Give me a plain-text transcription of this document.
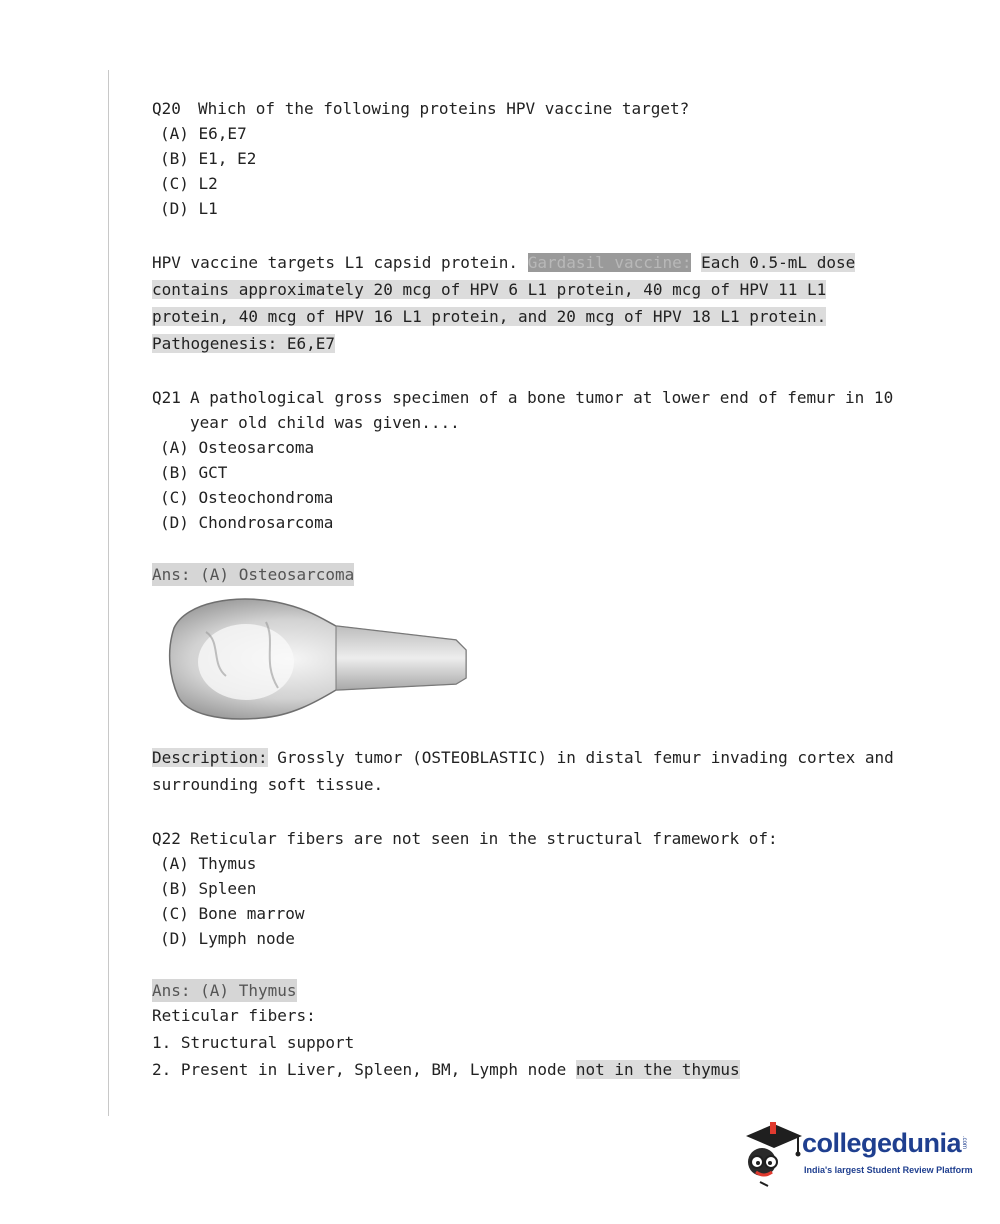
Q20	Which of the following proteins HPV vaccine target?
(A) E6,E7
(B) E1, E2
(C) L2
(D) L1
HPV vaccine targets L1 capsid protein. Gardasil vaccine: Each 0.5-mL dose contains approximately 20 mcg of HPV 6 L1 protein, 40 mcg of HPV 11 L1 protein, 40 mcg of HPV 16 L1 protein, and 20 mcg of HPV 18 L1 protein.
Pathogenesis: E6,E7
Q21 A pathological gross specimen of a bone tumor at lower end of femur in 10 year old child was given....
(A) Osteosarcoma
(B) GCT
(C) Osteochondroma
(D) Chondrosarcoma
Ans: (A) Osteosarcoma
Description: Grossly tumor (OSTEOBLASTIC) in distal femur invading cortex and surrounding soft tissue.
Q22 Reticular fibers are not seen in the structural framework of:
(A) Thymus
(B) Spleen
(C) Bone marrow
(D) Lymph node
Ans: (A) Thymus
Reticular fibers:
1. Structural support
2. Present in Liver, Spleen, BM, Lymph node not in the thymus
collegedunia .com
India's largest Student Review Platform
